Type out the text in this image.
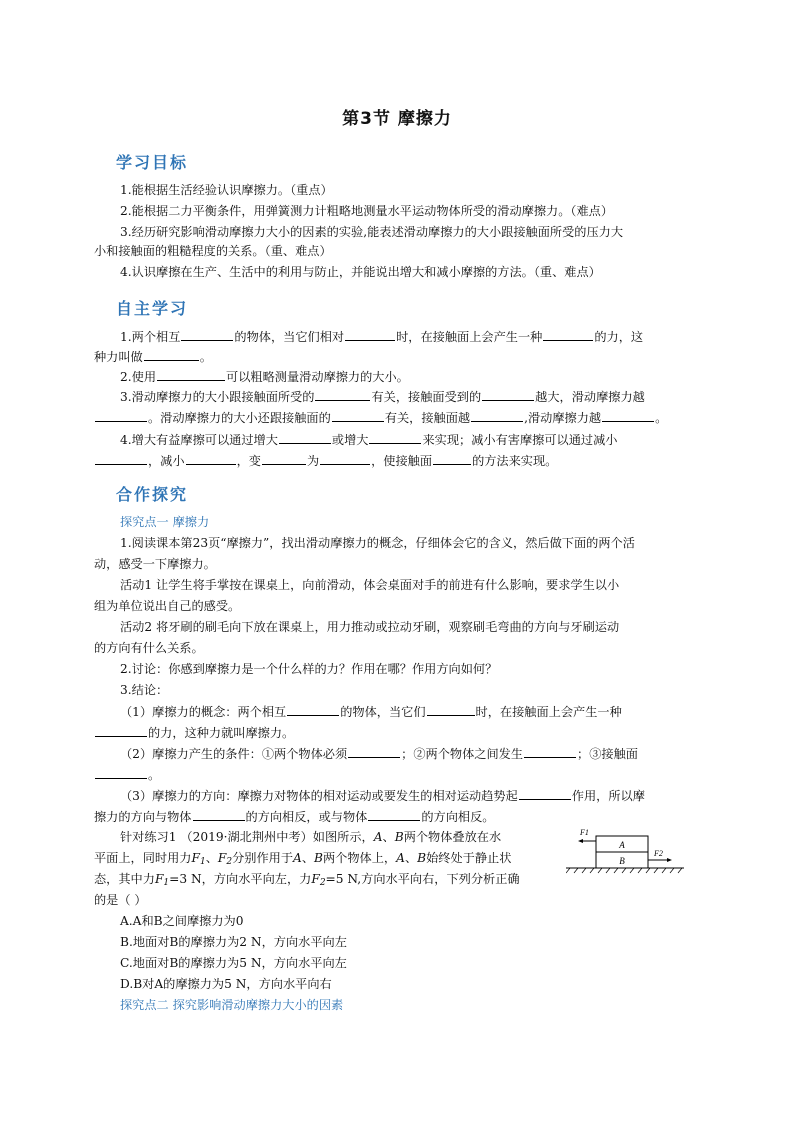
第3节 摩擦力
学习目标
1.能根据生活经验认识摩擦力。（重点）
2.能根据二力平衡条件，用弹簧测力计粗略地测量水平运动物体所受的滑动摩擦力。（难点）
3.经历研究影响滑动摩擦力大小的因素的实验,能表述滑动摩擦力的大小跟接触面所受的压力大
小和接触面的粗糙程度的关系。（重、难点）
4.认识摩擦在生产、生活中的利用与防止，并能说出增大和减小摩擦的方法。（重、难点）
自主学习
1.两个相互	的物体，当它们相对	时，在接触面上会产生一种	的力，这
种力叫做	。
2.使用	可以粗略测量滑动摩擦力的大小。
3.滑动摩擦力的大小跟接触面所受的	有关，接触面受到的	越大，滑动摩擦力越
。滑动摩擦力的大小还跟接触面的	有关，接触面越	,滑动摩擦力越	。
4.增大有益摩擦可以通过增大	或增大	来实现；减小有害摩擦可以通过减小
，减小	，变	为	，使接触面	的方法来实现。
合作探究
探究点一 摩擦力
1.阅读课本第23页“摩擦力”，找出滑动摩擦力的概念，仔细体会它的含义，然后做下面的两个活
动，感受一下摩擦力。
活动1 让学生将手掌按在课桌上，向前滑动，体会桌面对手的前进有什么影响，要求学生以小
组为单位说出自己的感受。
活动2 将牙刷的刷毛向下放在课桌上，用力推动或拉动牙刷，观察刷毛弯曲的方向与牙刷运动
的方向有什么关系。
2.讨论：你感到摩擦力是一个什么样的力？作用在哪？作用方向如何？
3.结论：
（1）摩擦力的概念：两个相互	的物体，当它们	时，在接触面上会产生一种
的力，这种力就叫摩擦力。
（2）摩擦力产生的条件：①两个物体必须	；②两个物体之间发生	；③接触面
。
（3）摩擦力的方向：摩擦力对物体的相对运动或要发生的相对运动趋势起	作用，所以摩
擦力的方向与物体	的方向相反，或与物体	的方向相反。
针对练习1 （2019·湖北荆州中考）如图所示，A、B两个物体叠放在水
平面上，同时用力$F_1$、$F_2$分别作用于A、B两个物体上，A、B始终处于静止状
态，其中力$F_1=3$ N，方向水平向左，力$F_2=5$ N,方向水平向右，下列分析正确
的是（ ）
A.A和B之间摩擦力为0
B.地面对B的摩擦力为2 N，方向水平向左
C.地面对B的摩擦力为5 N，方向水平向左
D.B对A的摩擦力为5 N，方向水平向右
探究点二 探究影响滑动摩擦力大小的因素
A
B
F1
F2
